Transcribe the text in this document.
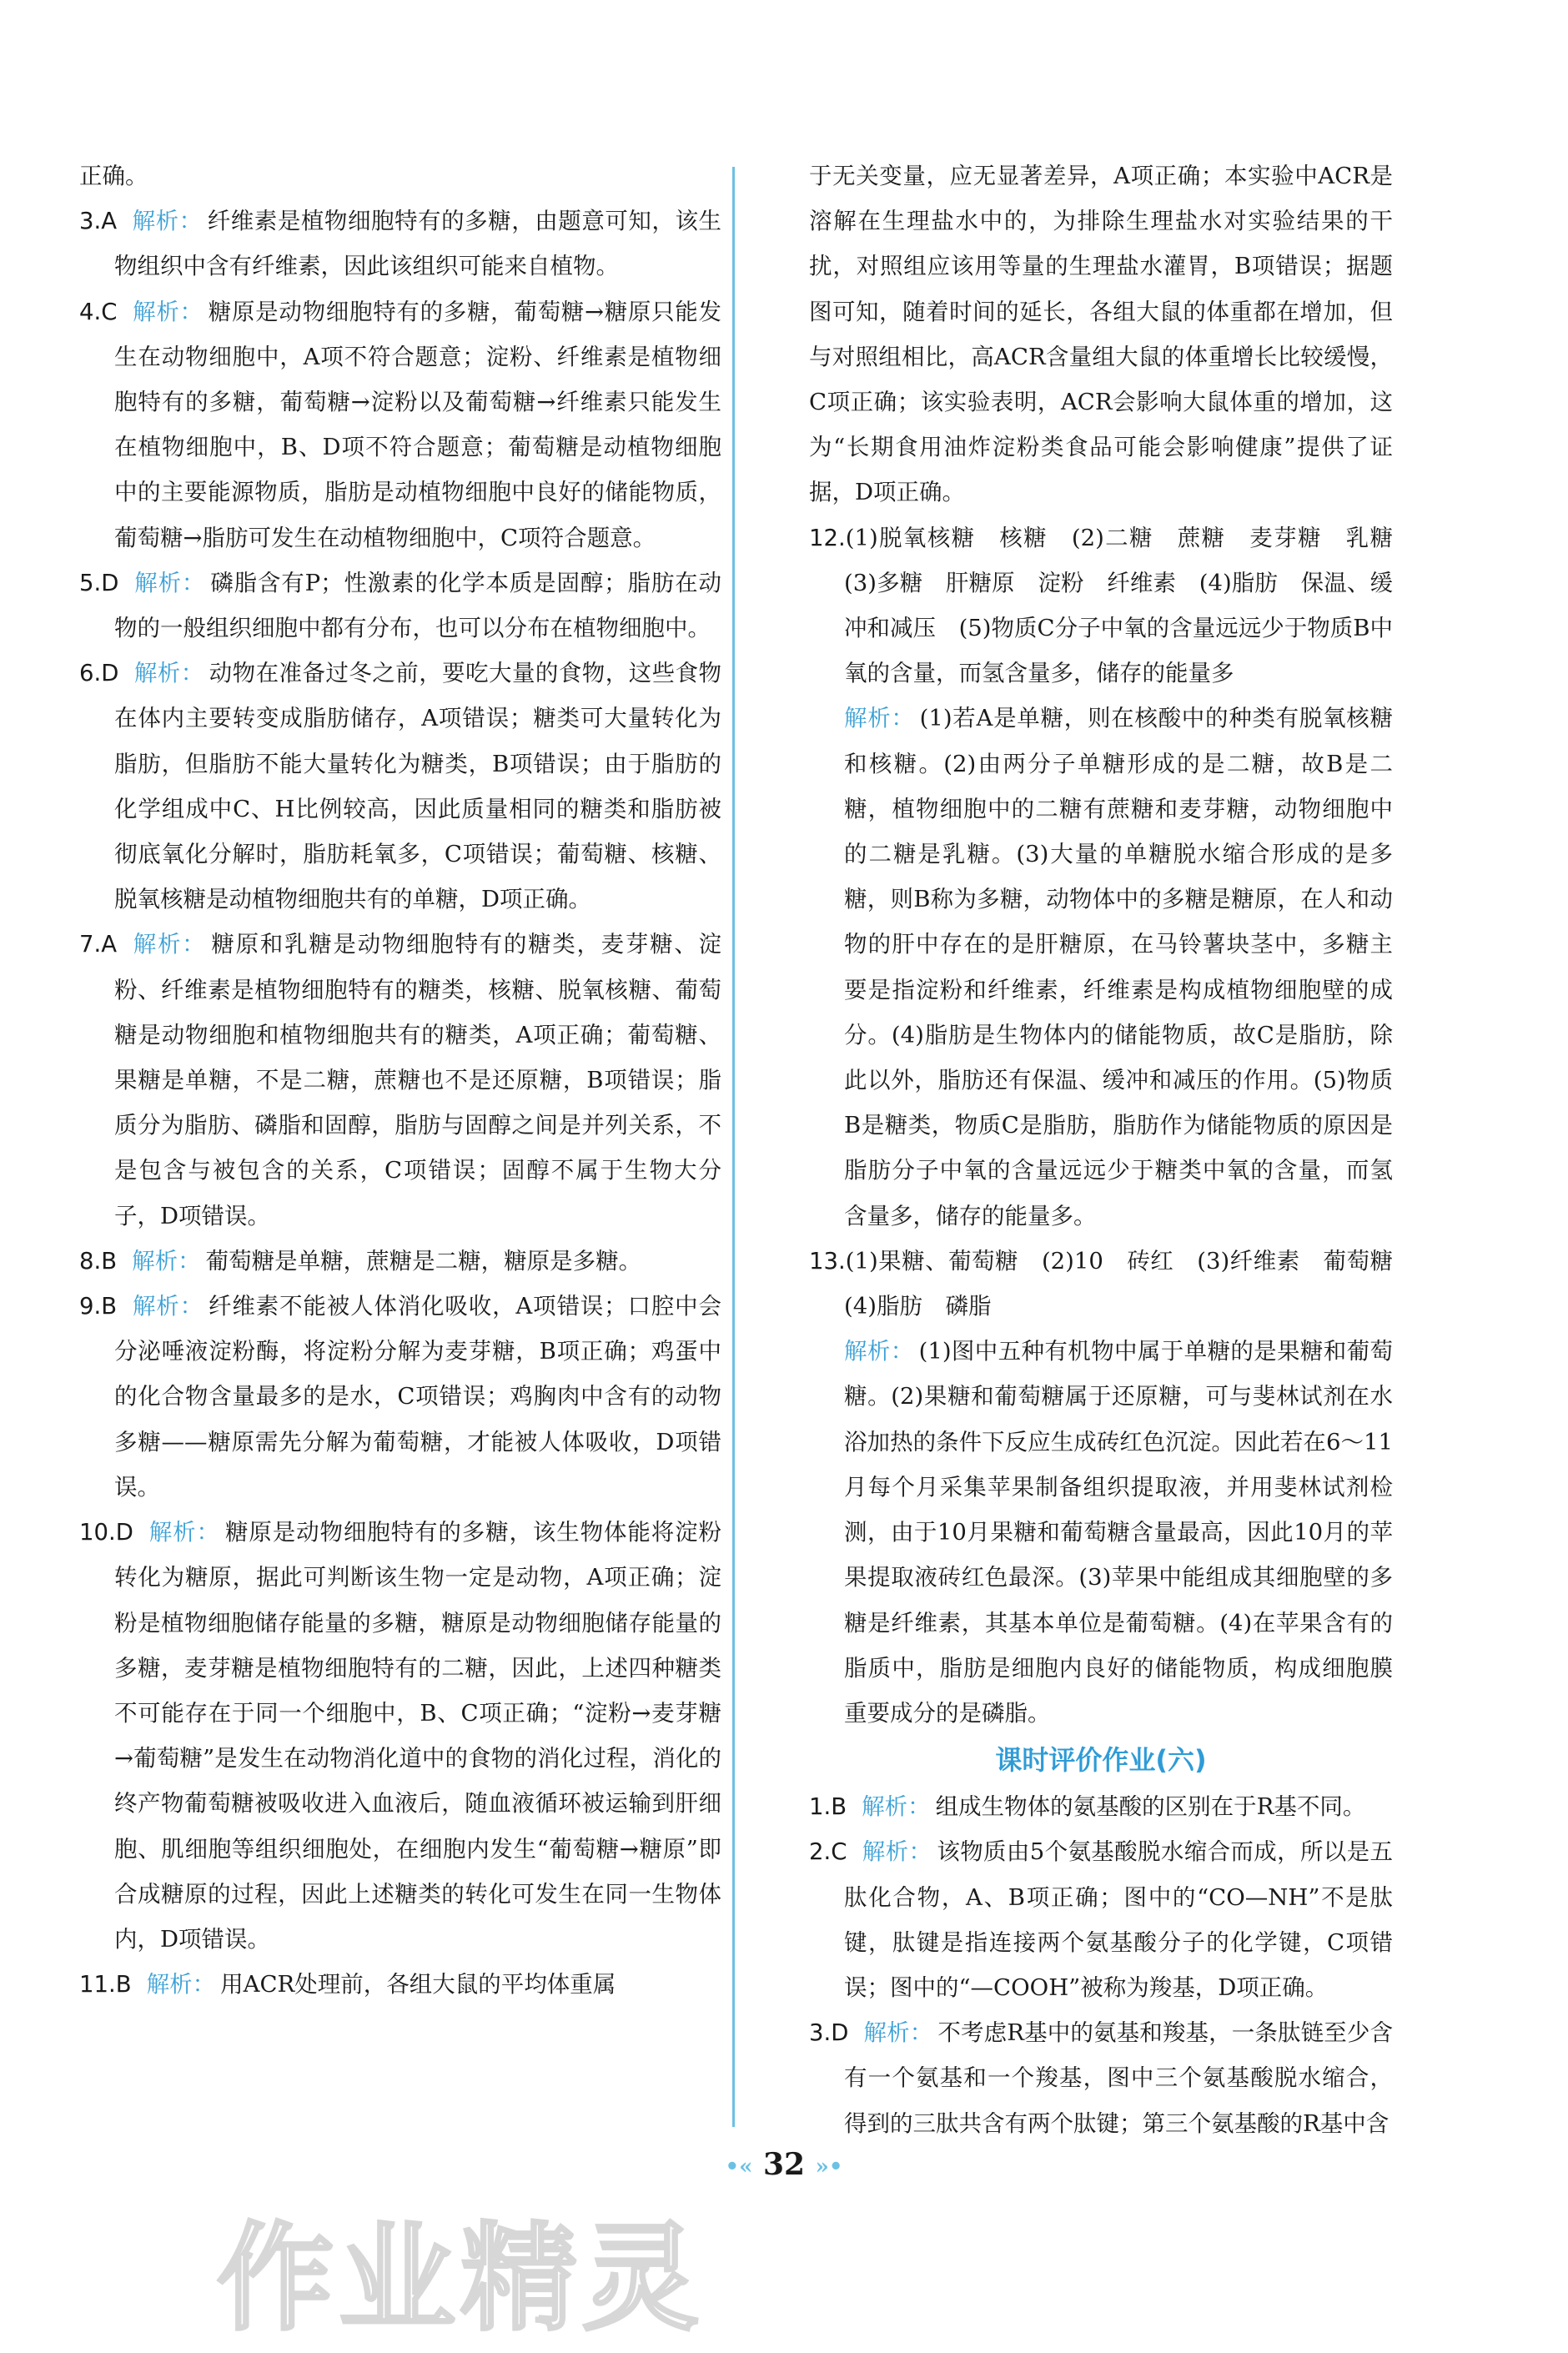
正确。

3.A 解析： 纤维素是植物细胞特有的多糖，由题意可知，该生物组织中含有纤维素，因此该组织可能来自植物。

4.C 解析： 糖原是动物细胞特有的多糖，葡萄糖→糖原只能发生在动物细胞中，A项不符合题意；淀粉、纤维素是植物细胞特有的多糖，葡萄糖→淀粉以及葡萄糖→纤维素只能发生在植物细胞中，B、D项不符合题意；葡萄糖是动植物细胞中的主要能源物质，脂肪是动植物细胞中良好的储能物质，葡萄糖→脂肪可发生在动植物细胞中，C项符合题意。

5.D 解析： 磷脂含有P；性激素的化学本质是固醇；脂肪在动物的一般组织细胞中都有分布，也可以分布在植物细胞中。

6.D 解析： 动物在准备过冬之前，要吃大量的食物，这些食物在体内主要转变成脂肪储存，A项错误；糖类可大量转化为脂肪，但脂肪不能大量转化为糖类，B项错误；由于脂肪的化学组成中C、H比例较高，因此质量相同的糖类和脂肪被彻底氧化分解时，脂肪耗氧多，C项错误；葡萄糖、核糖、脱氧核糖是动植物细胞共有的单糖，D项正确。

7.A 解析： 糖原和乳糖是动物细胞特有的糖类，麦芽糖、淀粉、纤维素是植物细胞特有的糖类，核糖、脱氧核糖、葡萄糖是动物细胞和植物细胞共有的糖类，A项正确；葡萄糖、果糖是单糖，不是二糖，蔗糖也不是还原糖，B项错误；脂质分为脂肪、磷脂和固醇，脂肪与固醇之间是并列关系，不是包含与被包含的关系，C项错误；固醇不属于生物大分子，D项错误。

8.B 解析： 葡萄糖是单糖，蔗糖是二糖，糖原是多糖。

9.B 解析： 纤维素不能被人体消化吸收，A项错误；口腔中会分泌唾液淀粉酶，将淀粉分解为麦芽糖，B项正确；鸡蛋中的化合物含量最多的是水，C项错误；鸡胸肉中含有的动物多糖——糖原需先分解为葡萄糖，才能被人体吸收，D项错误。

10.D 解析： 糖原是动物细胞特有的多糖，该生物体能将淀粉转化为糖原，据此可判断该生物一定是动物，A项正确；淀粉是植物细胞储存能量的多糖，糖原是动物细胞储存能量的多糖，麦芽糖是植物细胞特有的二糖，因此，上述四种糖类不可能存在于同一个细胞中，B、C项正确；“淀粉→麦芽糖→葡萄糖”是发生在动物消化道中的食物的消化过程，消化的终产物葡萄糖被吸收进入血液后，随血液循环被运输到肝细胞、肌细胞等组织细胞处，在细胞内发生“葡萄糖→糖原”即合成糖原的过程，因此上述糖类的转化可发生在同一生物体内，D项错误。

11.B 解析： 用ACR处理前，各组大鼠的平均体重属

于无关变量，应无显著差异，A项正确；本实验中ACR是溶解在生理盐水中的，为排除生理盐水对实验结果的干扰，对照组应该用等量的生理盐水灌胃，B项错误；据题图可知，随着时间的延长，各组大鼠的体重都在增加，但与对照组相比，高ACR含量组大鼠的体重增长比较缓慢，C项正确；该实验表明，ACR会影响大鼠体重的增加，这为“长期食用油炸淀粉类食品可能会影响健康”提供了证据，D项正确。

12.(1)脱氧核糖　核糖　(2)二糖　蔗糖　麦芽糖　乳糖　(3)多糖　肝糖原　淀粉　纤维素　(4)脂肪　保温、缓冲和减压　(5)物质C分子中氧的含量远远少于物质B中氧的含量，而氢含量多，储存的能量多

解析： (1)若A是单糖，则在核酸中的种类有脱氧核糖和核糖。(2)由两分子单糖形成的是二糖，故B是二糖，植物细胞中的二糖有蔗糖和麦芽糖，动物细胞中的二糖是乳糖。(3)大量的单糖脱水缩合形成的是多糖，则B称为多糖，动物体中的多糖是糖原，在人和动物的肝中存在的是肝糖原，在马铃薯块茎中，多糖主要是指淀粉和纤维素，纤维素是构成植物细胞壁的成分。(4)脂肪是生物体内的储能物质，故C是脂肪，除此以外，脂肪还有保温、缓冲和减压的作用。(5)物质B是糖类，物质C是脂肪，脂肪作为储能物质的原因是脂肪分子中氧的含量远远少于糖类中氧的含量，而氢含量多，储存的能量多。

13.(1)果糖、葡萄糖　(2)10　砖红　(3)纤维素　葡萄糖　(4)脂肪　磷脂

解析： (1)图中五种有机物中属于单糖的是果糖和葡萄糖。(2)果糖和葡萄糖属于还原糖，可与斐林试剂在水浴加热的条件下反应生成砖红色沉淀。因此若在6～11月每个月采集苹果制备组织提取液，并用斐林试剂检测，由于10月果糖和葡萄糖含量最高，因此10月的苹果提取液砖红色最深。(3)苹果中能组成其细胞壁的多糖是纤维素，其基本单位是葡萄糖。(4)在苹果含有的脂质中，脂肪是细胞内良好的储能物质，构成细胞膜重要成分的是磷脂。

课时评价作业(六)

1.B 解析： 组成生物体的氨基酸的区别在于R基不同。

2.C 解析： 该物质由5个氨基酸脱水缩合而成，所以是五肽化合物，A、B项正确；图中的“CO—NH”不是肽键，肽键是指连接两个氨基酸分子的化学键，C项错误；图中的“—COOH”被称为羧基，D项正确。

3.D 解析： 不考虑R基中的氨基和羧基，一条肽链至少含有一个氨基和一个羧基，图中三个氨基酸脱水缩合，得到的三肽共含有两个肽键；第三个氨基酸的R基中含

•« 32 »•
作业精灵
